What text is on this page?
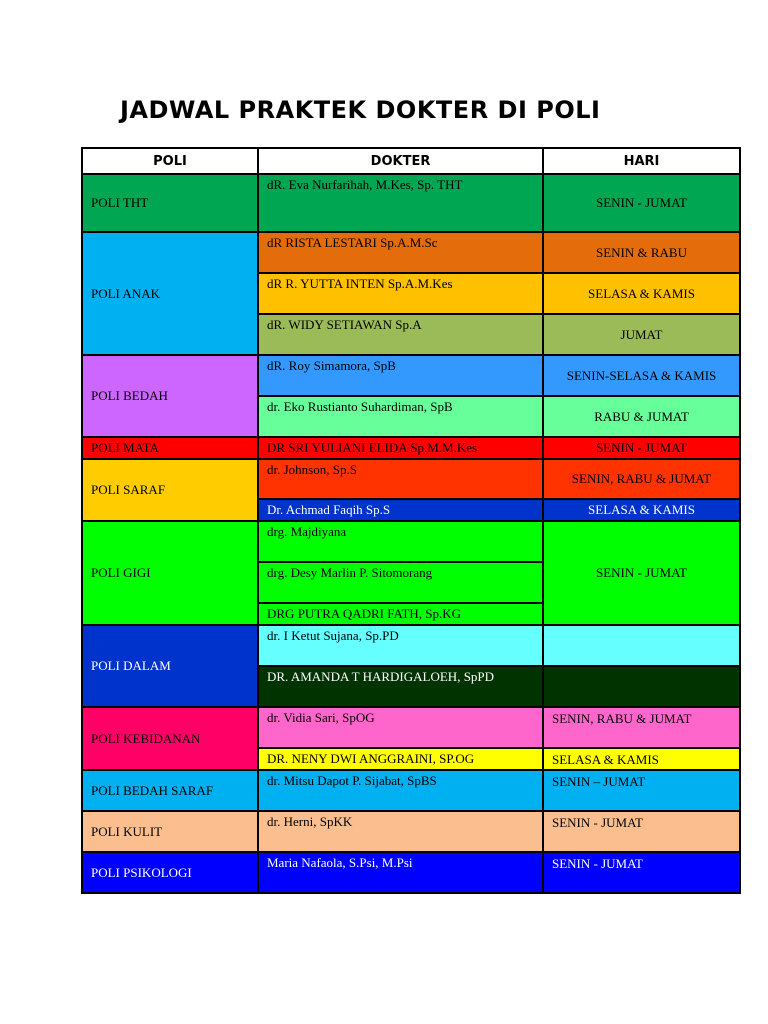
JADWAL PRAKTEK DOKTER DI POLI
POLI	DOKTER	HARI
POLI THT	dR. Eva Nurfarihah, M.Kes, Sp. THT	SENIN - JUMAT
POLI ANAK	dR RISTA LESTARI Sp.A.M.Sc	SENIN & RABU
	dR R. YUTTA INTEN Sp.A.M.Kes	SELASA & KAMIS
	dR. WIDY SETIAWAN Sp.A	JUMAT
POLI BEDAH	dR. Roy Simamora, SpB	SENIN-SELASA & KAMIS
	dr. Eko Rustianto Suhardiman, SpB	RABU & JUMAT
POLI MATA	DR SRI YULIANI ELIDA Sp.M.M.Kes	SENIN - JUMAT
POLI SARAF	dr. Johnson, Sp.S	SENIN, RABU & JUMAT
	Dr. Achmad Faqih Sp.S	SELASA & KAMIS
POLI GIGI	drg. Majdiyana	SENIN - JUMAT
	drg. Desy Marlin P. Sitomorang	
	DRG PUTRA QADRI FATH, Sp.KG	
POLI DALAM	dr. I Ketut Sujana, Sp.PD	
	DR. AMANDA T HARDIGALOEH, SpPD	
POLI KEBIDANAN	dr. Vidia Sari, SpOG	SENIN, RABU & JUMAT
	DR. NENY DWI ANGGRAINI, SP.OG	SELASA & KAMIS
POLI BEDAH SARAF	dr. Mitsu Dapot P. Sijabat, SpBS	SENIN – JUMAT
POLI KULIT	dr. Herni, SpKK	SENIN - JUMAT
POLI PSIKOLOGI	Maria Nafaola, S.Psi, M.Psi	SENIN - JUMAT
